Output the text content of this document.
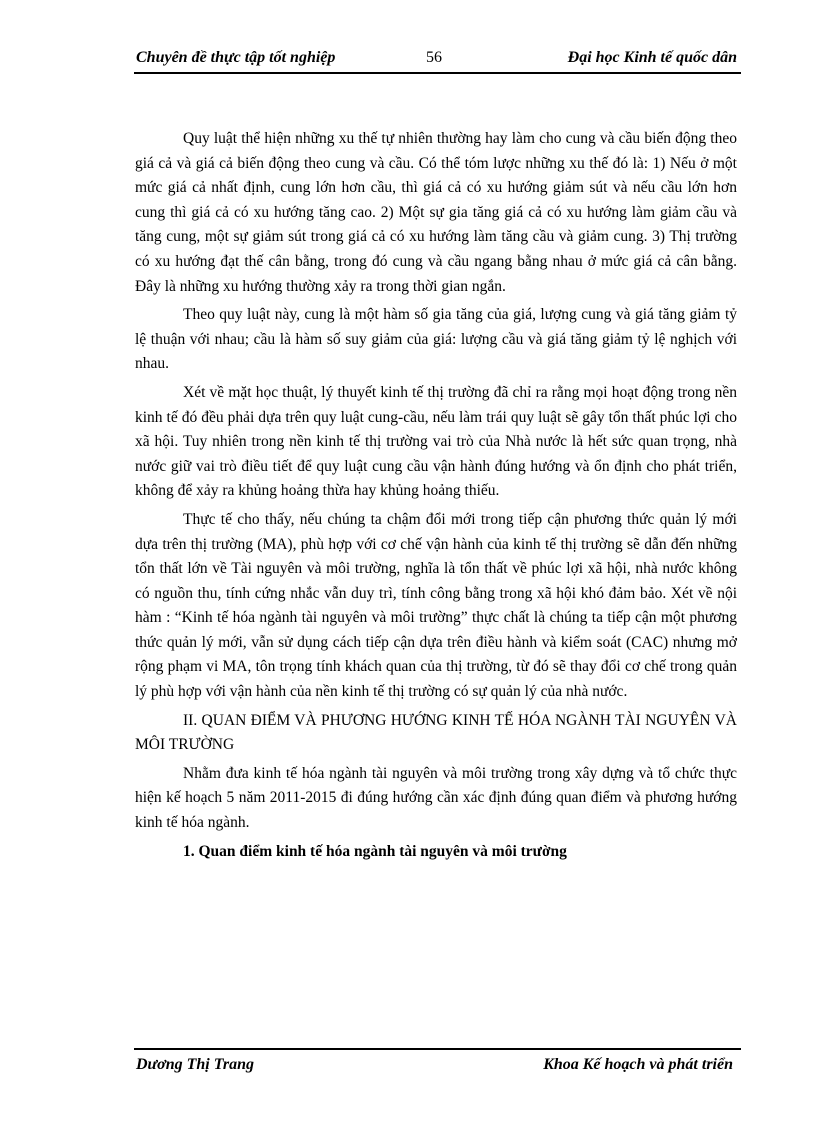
Chuyên đề thực tập tốt nghiệp	56	Đại học Kinh tế quốc dân

Quy luật thể hiện những xu thế tự nhiên thường hay làm cho cung và cầu biến động theo giá cả và giá cả biến động theo cung và cầu. Có thể tóm lược những xu thế đó là: 1) Nếu ở một mức giá cả nhất định, cung lớn hơn cầu, thì giá cả có xu hướng giảm sút và nếu cầu lớn hơn cung thì giá cả có xu hướng tăng cao. 2) Một sự gia tăng giá cả có xu hướng làm giảm cầu và tăng cung, một sự giảm sút trong giá cả có xu hướng làm tăng cầu và giảm cung. 3) Thị trường có xu hướng đạt thế cân bằng, trong đó cung và cầu ngang bằng nhau ở mức giá cả cân bằng. Đây là những xu hướng thường xảy ra trong thời gian ngắn.

Theo quy luật này, cung là một hàm số gia tăng của giá, lượng cung và giá tăng giảm tỷ lệ thuận với nhau; cầu là hàm số suy giảm của giá: lượng cầu và giá tăng giảm tỷ lệ nghịch với nhau.

Xét về mặt học thuật, lý thuyết kinh tế thị trường đã chỉ ra rằng mọi hoạt động trong nền kinh tế đó đều phải dựa trên quy luật cung-cầu, nếu làm trái quy luật sẽ gây tổn thất phúc lợi cho xã hội. Tuy nhiên trong nền kinh tế thị trường vai trò của Nhà nước là hết sức quan trọng, nhà nước giữ vai trò điều tiết để quy luật cung cầu vận hành đúng hướng và ổn định cho phát triển, không để xảy ra khủng hoảng thừa hay khủng hoảng thiếu.

Thực tế cho thấy, nếu chúng ta chậm đổi mới trong tiếp cận phương thức quản lý mới dựa trên thị trường (MA), phù hợp với cơ chế vận hành của kinh tế thị trường sẽ dẫn đến những tổn thất lớn về Tài nguyên và môi trường, nghĩa là tổn thất về phúc lợi xã hội, nhà nước không có nguồn thu, tính cứng nhắc vẫn duy trì, tính công bằng trong xã hội khó đảm bảo. Xét về nội hàm : “Kinh tế hóa ngành tài nguyên và môi trường” thực chất là chúng ta tiếp cận một phương thức quản lý mới, vẫn sử dụng cách tiếp cận dựa trên điều hành và kiểm soát (CAC) nhưng mở rộng phạm vi MA, tôn trọng tính khách quan của thị trường, từ đó sẽ thay đổi cơ chế trong quản lý phù hợp với vận hành của nền kinh tế thị trường có sự quản lý của nhà nước.

II. QUAN ĐIỂM VÀ PHƯƠNG HƯỚNG KINH TẾ HÓA NGÀNH TÀI NGUYÊN VÀ MÔI TRƯỜNG

Nhằm đưa kinh tế hóa ngành tài nguyên và môi trường trong xây dựng và tổ chức thực hiện kế hoạch 5 năm 2011-2015 đi đúng hướng cần xác định đúng quan điểm và phương hướng kinh tế hóa ngành.

1. Quan điểm kinh tế hóa ngành tài nguyên và môi trường

Dương Thị Trang	Khoa Kế hoạch và phát triển
